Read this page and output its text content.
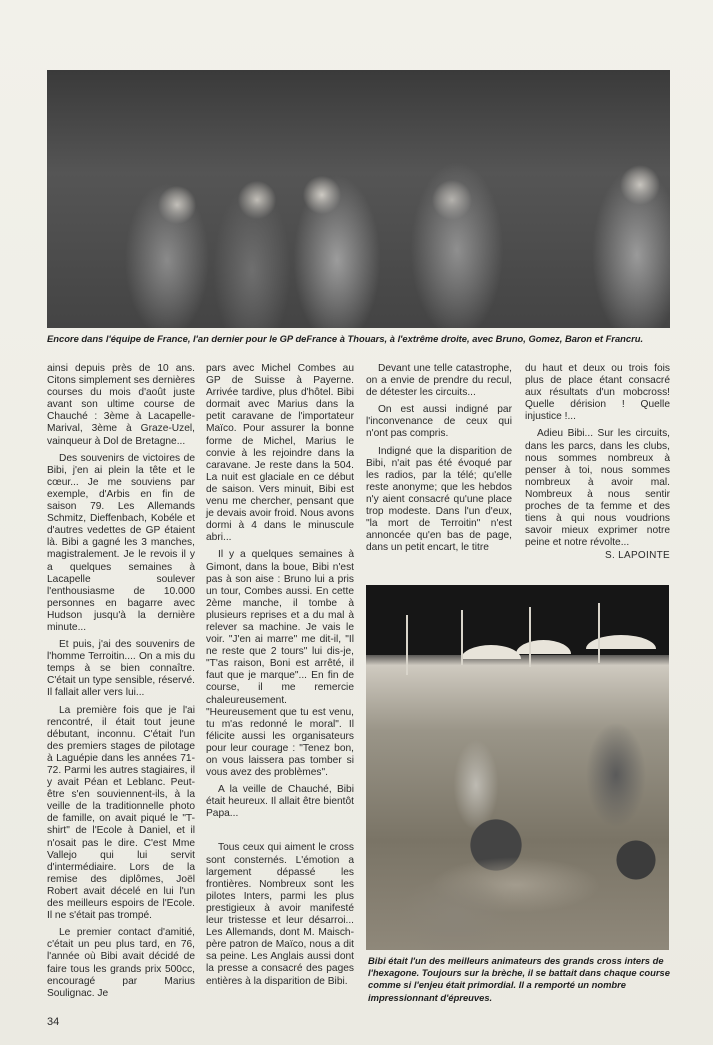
Encore dans l'équipe de France, l'an dernier pour le GP deFrance à Thouars, à l'extrême droite, avec Bruno, Gomez, Baron et Francru.

ainsi depuis près de 10 ans. Citons simplement ses dernières courses du mois d'août juste avant son ultime course de Chauché : 3ème à Lacapelle-Marival, 3ème à Graze-Uzel, vainqueur à Dol de Bretagne...

Des souvenirs de victoires de Bibi, j'en ai plein la tête et le cœur... Je me souviens par exemple, d'Arbis en fin de saison 79. Les Allemands Schmitz, Dieffenbach, Kobéle et d'autres vedettes de GP étaient là. Bibi a gagné les 3 manches, magistralement. Je le revois il y a quelques semaines à Lacapelle soulever l'enthousiasme de 10.000 personnes en bagarre avec Hudson jusqu'à la dernière minute...

Et puis, j'ai des souvenirs de l'homme Terroitin.... On a mis du temps à se bien connaître. C'était un type sensible, réservé. Il fallait aller vers lui...

La première fois que je l'ai rencontré, il était tout jeune débutant, inconnu. C'était l'un des premiers stages de pilotage à Laguépie dans les années 71-72. Parmi les autres stagiaires, il y avait Péan et Leblanc. Peut-être s'en souviennent-ils, à la veille de la traditionnelle photo de famille, on avait piqué le "T-shirt" de l'Ecole à Daniel, et il n'osait pas le dire. C'est Mme Vallejo qui lui servit d'intermédiaire. Lors de la remise des diplômes, Joël Robert avait décelé en lui l'un des meilleurs espoirs de l'Ecole. Il ne s'était pas trompé.

Le premier contact d'amitié, c'était un peu plus tard, en 76, l'année où Bibi avait décidé de faire tous les grands prix 500cc, encouragé par Marius Soulignac. Je

pars avec Michel Combes au GP de Suisse à Payerne. Arrivée tardive, plus d'hôtel. Bibi dormait avec Marius dans la petit caravane de l'importateur Maïco. Pour assurer la bonne forme de Michel, Marius le convie à les rejoindre dans la caravane. Je reste dans la 504. La nuit est glaciale en ce début de saison. Vers minuit, Bibi est venu me chercher, pensant que je devais avoir froid. Nous avons dormi à 4 dans le minuscule abri...

Il y a quelques semaines à Gimont, dans la boue, Bibi n'est pas à son aise : Bruno lui a pris un tour, Combes aussi. En cette 2ème manche, il tombe à plusieurs reprises et a du mal à relever sa machine. Je vais le voir. "J'en ai marre" me dit-il, "Il ne reste que 2 tours" lui dis-je, "T'as raison, Boni est arrêté, il faut que je marque"... En fin de course, il me remercie chaleureusement. "Heureusement que tu est venu, tu m'as redonné le moral". Il félicite aussi les organisateurs pour leur courage : "Tenez bon, on vous laissera pas tomber si vous avez des problèmes".

A la veille de Chauché, Bibi était heureux. Il allait être bientôt Papa...

Tous ceux qui aiment le cross sont consternés. L'émotion a largement dépassé les frontières. Nombreux sont les pilotes Inters, parmi les plus prestigieux à avoir manifesté leur tristesse et leur désarroi... Les Allemands, dont M. Maisch-père patron de Maïco, nous a dit sa peine. Les Anglais aussi dont la presse a consacré des pages entières à la disparition de Bibi.

Devant une telle catastrophe, on a envie de prendre du recul, de détester les circuits...

On est aussi indigné par l'inconvenance de ceux qui n'ont pas compris.

Indigné que la disparition de Bibi, n'ait pas été évoqué par les radios, par la télé; qu'elle reste anonyme; que les hebdos n'y aient consacré qu'une place trop modeste. Dans l'un d'eux, "la mort de Terroitin" n'est annoncée qu'en bas de page, dans un petit encart, le titre

du haut et deux ou trois fois plus de place étant consacré aux résultats d'un mobcross! Quelle dérision ! Quelle injustice !...

Adieu Bibi... Sur les circuits, dans les parcs, dans les clubs, nous sommes nombreux à penser à toi, nous sommes nombreux à avoir mal. Nombreux à nous sentir proches de ta femme et des tiens à qui nous voudrions savoir mieux exprimer notre peine et notre révolte...

S. LAPOINTE

Bibi était l'un des meilleurs animateurs des grands cross inters de l'hexagone. Toujours sur la brèche, il se battait dans chaque course comme si l'enjeu était primordial. Il a remporté un nombre impressionnant d'épreuves.

34
